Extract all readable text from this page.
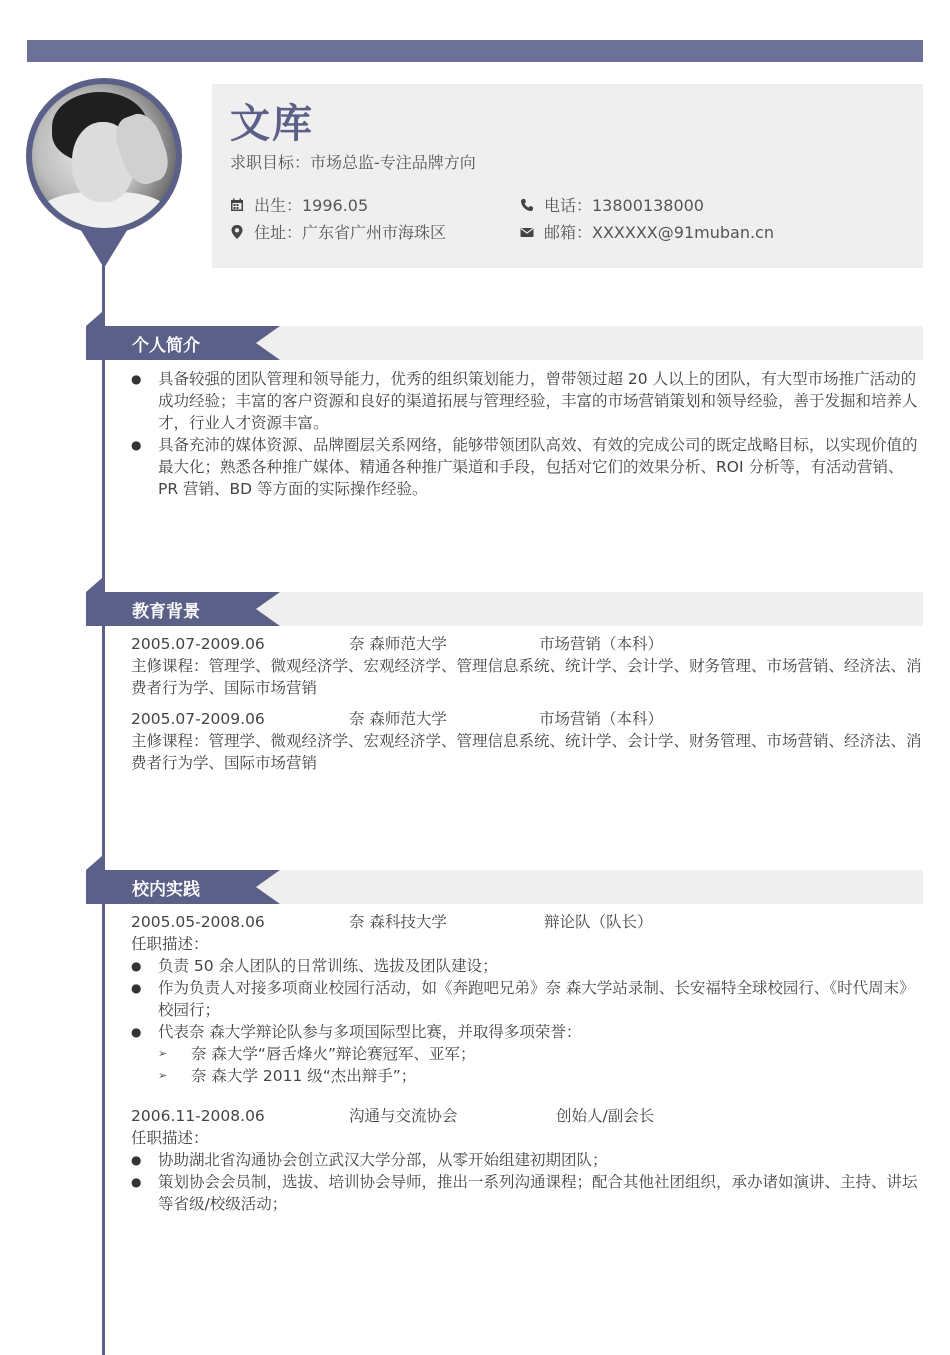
文库
求职目标：市场总监-专注品牌方向
出生：1996.05	电话：13800138000
住址：广东省广州市海珠区	邮箱：XXXXXX@91muban.cn
个人简介
● 具备较强的团队管理和领导能力，优秀的组织策划能力，曾带领过超 20 人以上的团队，有大型市场推广活动的成功经验；丰富的客户资源和良好的渠道拓展与管理经验，丰富的市场营销策划和领导经验，善于发掘和培养人才，行业人才资源丰富。
● 具备充沛的媒体资源、品牌圈层关系网络，能够带领团队高效、有效的完成公司的既定战略目标，以实现价值的最大化；熟悉各种推广媒体、精通各种推广渠道和手段，包括对它们的效果分析、ROI 分析等，有活动营销、PR 营销、BD 等方面的实际操作经验。
教育背景
2005.07-2009.06	奈 森师范大学	市场营销（本科）
主修课程：管理学、微观经济学、宏观经济学、管理信息系统、统计学、会计学、财务管理、市场营销、经济法、消费者行为学、国际市场营销
2005.07-2009.06	奈 森师范大学	市场营销（本科）
主修课程：管理学、微观经济学、宏观经济学、管理信息系统、统计学、会计学、财务管理、市场营销、经济法、消费者行为学、国际市场营销
校内实践
2005.05-2008.06	奈 森科技大学	辩论队（队长）
任职描述：
● 负责 50 余人团队的日常训练、选拔及团队建设；
● 作为负责人对接多项商业校园行活动，如《奔跑吧兄弟》奈 森大学站录制、长安福特全球校园行、《时代周末》校园行；
● 代表奈 森大学辩论队参与多项国际型比赛，并取得多项荣誉：
➢ 奈 森大学“唇舌烽火”辩论赛冠军、亚军；
➢ 奈 森大学 2011 级“杰出辩手”；
2006.11-2008.06	沟通与交流协会	创始人/副会长
任职描述：
● 协助湖北省沟通协会创立武汉大学分部，从零开始组建初期团队；
● 策划协会会员制，选拔、培训协会导师，推出一系列沟通课程；配合其他社团组织，承办诸如演讲、主持、讲坛等省级/校级活动；
